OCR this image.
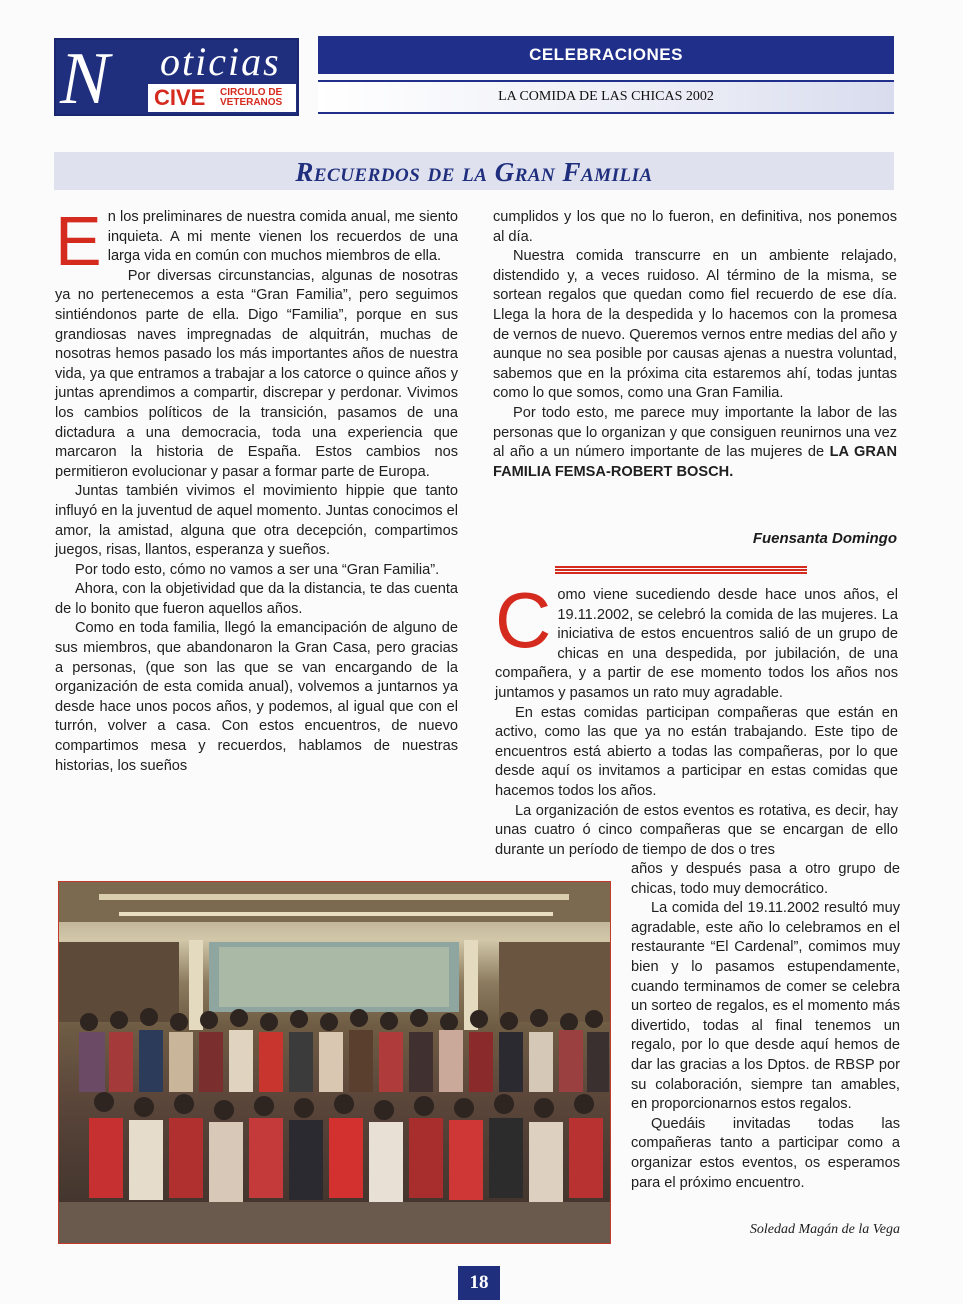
N oticias
CIVE CIRCULO DE
VETERANOS
CELEBRACIONES
LA COMIDA DE LAS CHICAS 2002
Recuerdos de la Gran Familia

En los preliminares de nuestra comida anual, me siento inquieta. A mi mente vienen los recuerdos de una larga vida en común con muchos miembros de ella.

Por diversas circunstancias, algunas de nosotras ya no pertenecemos a esta “Gran Familia”, pero seguimos sintiéndonos parte de ella. Digo “Familia”, porque en sus grandiosas naves impregnadas de alquitrán, muchas de nosotras hemos pasado los más importantes años de nuestra vida, ya que entramos a trabajar a los catorce o quince años y juntas aprendimos a compartir, discrepar y perdonar. Vivimos los cambios políticos de la transición, pasamos de una dictadura a una democracia, toda una experiencia que marcaron la historia de España. Estos cambios nos permitieron evolucionar y pasar a formar parte de Europa.

Juntas también vivimos el movimiento hippie que tanto influyó en la juventud de aquel momento. Juntas conocimos el amor, la amistad, alguna que otra decepción, compartimos juegos, risas, llantos, esperanza y sueños.

Por todo esto, cómo no vamos a ser una “Gran Familia”.

Ahora, con la objetividad que da la distancia, te das cuenta de lo bonito que fueron aquellos años.

Como en toda familia, llegó la emancipación de alguno de sus miembros, que abandonaron la Gran Casa, pero gracias a personas, (que son las que se van encargando de la organización de esta comida anual), volvemos a juntarnos ya desde hace unos pocos años, y podemos, al igual que con el turrón, volver a casa. Con estos encuentros, de nuevo compartimos mesa y recuerdos, hablamos de nuestras historias, los sueños

cumplidos y los que no lo fueron, en definitiva, nos ponemos al día.

Nuestra comida transcurre en un ambiente relajado, distendido y, a veces ruidoso. Al término de la misma, se sortean regalos que quedan como fiel recuerdo de ese día. Llega la hora de la despedida y lo hacemos con la promesa de vernos de nuevo. Queremos vernos entre medias del año y aunque no sea posible por causas ajenas a nuestra voluntad, sabemos que en la próxima cita estaremos ahí, todas juntas como lo que somos, como una Gran Familia.

Por todo esto, me parece muy importante la labor de las personas que lo organizan y que consiguen reunirnos una vez al año a un número importante de las mujeres de LA GRAN FAMILIA FEMSA-ROBERT BOSCH.

Fuensanta Domingo

Como viene sucediendo desde hace unos años, el 19.11.2002, se celebró la comida de las mujeres. La iniciativa de estos encuentros salió de un grupo de chicas en una despedida, por jubilación, de una compañera, y a partir de ese momento todos los años nos juntamos y pasamos un rato muy agradable.

En estas comidas participan compañeras que están en activo, como las que ya no están trabajando. Este tipo de encuentros está abierto a todas las compañeras, por lo que desde aquí os invitamos a participar en estas comidas que hacemos todos los años.

La organización de estos eventos es rotativa, es decir, hay unas cuatro ó cinco compañeras que se encargan de ello durante un período de tiempo de dos o tres

años y después pasa a otro grupo de chicas, todo muy democrático.

La comida del 19.11.2002 resultó muy agradable, este año lo celebramos en el restaurante “El Cardenal”, comimos muy bien y lo pasamos estupendamente, cuando terminamos de comer se celebra un sorteo de regalos, es el momento más divertido, todas al final tenemos un regalo, por lo que desde aquí hemos de dar las gracias a los Dptos. de RBSP por su colaboración, siempre tan amables, en proporcionarnos estos regalos.

Quedáis invitadas todas las compañeras tanto a participar como a organizar estos eventos, os esperamos para el próximo encuentro.

Soledad Magán de la Vega
18
